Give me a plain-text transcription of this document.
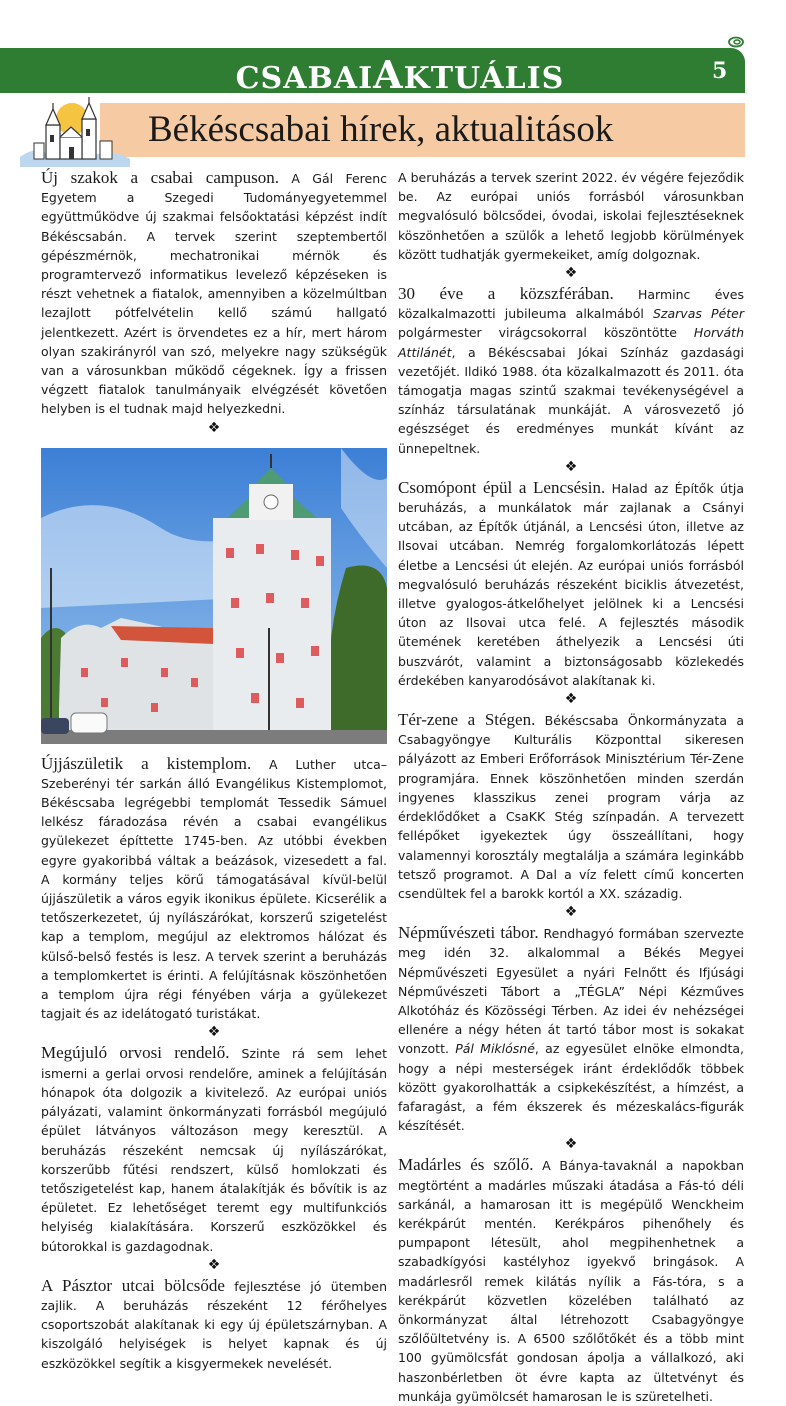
CSABAIAKTUÁLIS	5
Békéscsabai hírek, aktualitások

Új szakok a csabai campuson. A Gál Ferenc Egyetem a Szegedi Tudományegyetemmel együttműködve új szakmai felsőoktatási képzést indít Békéscsabán. A tervek szerint szeptembertől gépészmérnök, mechatronikai mérnök és programtervező informatikus levelező képzéseken is részt vehetnek a fiatalok, amennyiben a közelmúltban lezajlott pótfelvételin kellő számú hallgató jelentkezett. Azért is örvendetes ez a hír, mert három olyan szakirányról van szó, melyekre nagy szükségük van a városunkban működő cégeknek. Így a frissen végzett fiatalok tanulmányaik elvégzését követően helyben is el tudnak majd helyezkedni.

❖

Újjászületik a kistemplom. A Luther utca–Szeberényi tér sarkán álló Evangélikus Kistemplomot, Békéscsaba legrégebbi templomát Tessedik Sámuel lelkész fáradozása révén a csabai evangélikus gyülekezet építtette 1745-ben. Az utóbbi években egyre gyakoribbá váltak a beázások, vizesedett a fal. A kormány teljes körű támogatásával kívül-belül újjászületik a város egyik ikonikus épülete. Kicserélik a tetőszerkezetet, új nyílászárókat, korszerű szigetelést kap a templom, megújul az elektromos hálózat és külső-belső festés is lesz. A tervek szerint a beruházás a templomkertet is érinti. A felújításnak köszönhetően a templom újra régi fényében várja a gyülekezet tagjait és az idelátogató turistákat.

❖

Megújuló orvosi rendelő. Szinte rá sem lehet ismerni a gerlai orvosi rendelőre, aminek a felújításán hónapok óta dolgozik a kivitelező. Az európai uniós pályázati, valamint önkormányzati forrásból megújuló épület látványos változáson megy keresztül. A beruházás részeként nemcsak új nyílászárókat, korszerűbb fűtési rendszert, külső homlokzati és tetőszigetelést kap, hanem átalakítják és bővítik is az épületet. Ez lehetőséget teremt egy multifunkciós helyiség kialakítására. Korszerű eszközökkel és bútorokkal is gazdagodnak.

❖

A Pásztor utcai bölcsőde fejlesztése jó ütemben zajlik. A beruházás részeként 12 férőhelyes csoportszobát alakítanak ki egy új épületszárnyban. A kiszolgáló helyiségek is helyet kapnak és új eszközökkel segítik a kisgyermekek nevelését.

A beruházás a tervek szerint 2022. év végére fejeződik be. Az európai uniós forrásból városunkban megvalósuló bölcsődei, óvodai, iskolai fejlesztéseknek köszönhetően a szülők a lehető legjobb körülmények között tudhatják gyermekeiket, amíg dolgoznak.

❖

30 éve a közszférában. Harminc éves közalkalmazotti jubileuma alkalmából Szarvas Péter polgármester virágcsokorral köszöntötte Horváth Attilánét, a Békéscsabai Jókai Színház gazdasági vezetőjét. Ildikó 1988. óta közalkalmazott és 2011. óta támogatja magas szintű szakmai tevékenységével a színház társulatának munkáját. A városvezető jó egészséget és eredményes munkát kívánt az ünnepeltnek.

❖

Csomópont épül a Lencsésin. Halad az Építők útja beruházás, a munkálatok már zajlanak a Csányi utcában, az Építők útjánál, a Lencsési úton, illetve az Ilsovai utcában. Nemrég forgalomkorlátozás lépett életbe a Lencsési út elején. Az európai uniós forrásból megvalósuló beruházás részeként biciklis átvezetést, illetve gyalogos-átkelőhelyet jelölnek ki a Lencsési úton az Ilsovai utca felé. A fejlesztés második ütemének keretében áthelyezik a Lencsési úti buszvárót, valamint a biztonságosabb közlekedés érdekében kanyarodósávot alakítanak ki.

❖

Tér-zene a Stégen. Békéscsaba Önkormányzata a Csabagyöngye Kulturális Központtal sikeresen pályázott az Emberi Erőforrások Minisztérium Tér-Zene programjára. Ennek köszönhetően minden szerdán ingyenes klasszikus zenei program várja az érdeklődőket a CsaKK Stég színpadán. A tervezett fellépőket igyekeztek úgy összeállítani, hogy valamennyi korosztály megtalálja a számára leginkább tetsző programot. A Dal a víz felett című koncerten csendültek fel a barokk kortól a XX. századig.

❖

Népművészeti tábor. Rendhagyó formában szervezte meg idén 32. alkalommal a Békés Megyei Népművészeti Egyesület a nyári Felnőtt és Ifjúsági Népművészeti Tábort a „TÉGLA” Népi Kézműves Alkotóház és Közösségi Térben. Az idei év nehézségei ellenére a négy héten át tartó tábor most is sokakat vonzott. Pál Miklósné, az egyesület elnöke elmondta, hogy a népi mesterségek iránt érdeklődők többek között gyakorolhatták a csipkekészítést, a hímzést, a fafaragást, a fém ékszerek és mézeskalács-figurák készítését.

❖

Madárles és szőlő. A Bánya-tavaknál a napokban megtörtént a madárles műszaki átadása a Fás-tó déli sarkánál, a hamarosan itt is megépülő Wenckheim kerékpárút mentén. Kerékpáros pihenőhely és pumpapont létesült, ahol megpihenhetnek a szabadkígyósi kastélyhoz igyekvő bringások. A madárlesről remek kilátás nyílik a Fás-tóra, s a kerékpárút közvetlen közelében található az önkormányzat által létrehozott Csabagyöngye szőlőültetvény is. A 6500 szőlőtőkét és a több mint 100 gyümölcsfát gondosan ápolja a vállalkozó, aki haszonbérletben öt évre kapta az ültetvényt és munkája gyümölcsét hamarosan le is szüretelheti.
